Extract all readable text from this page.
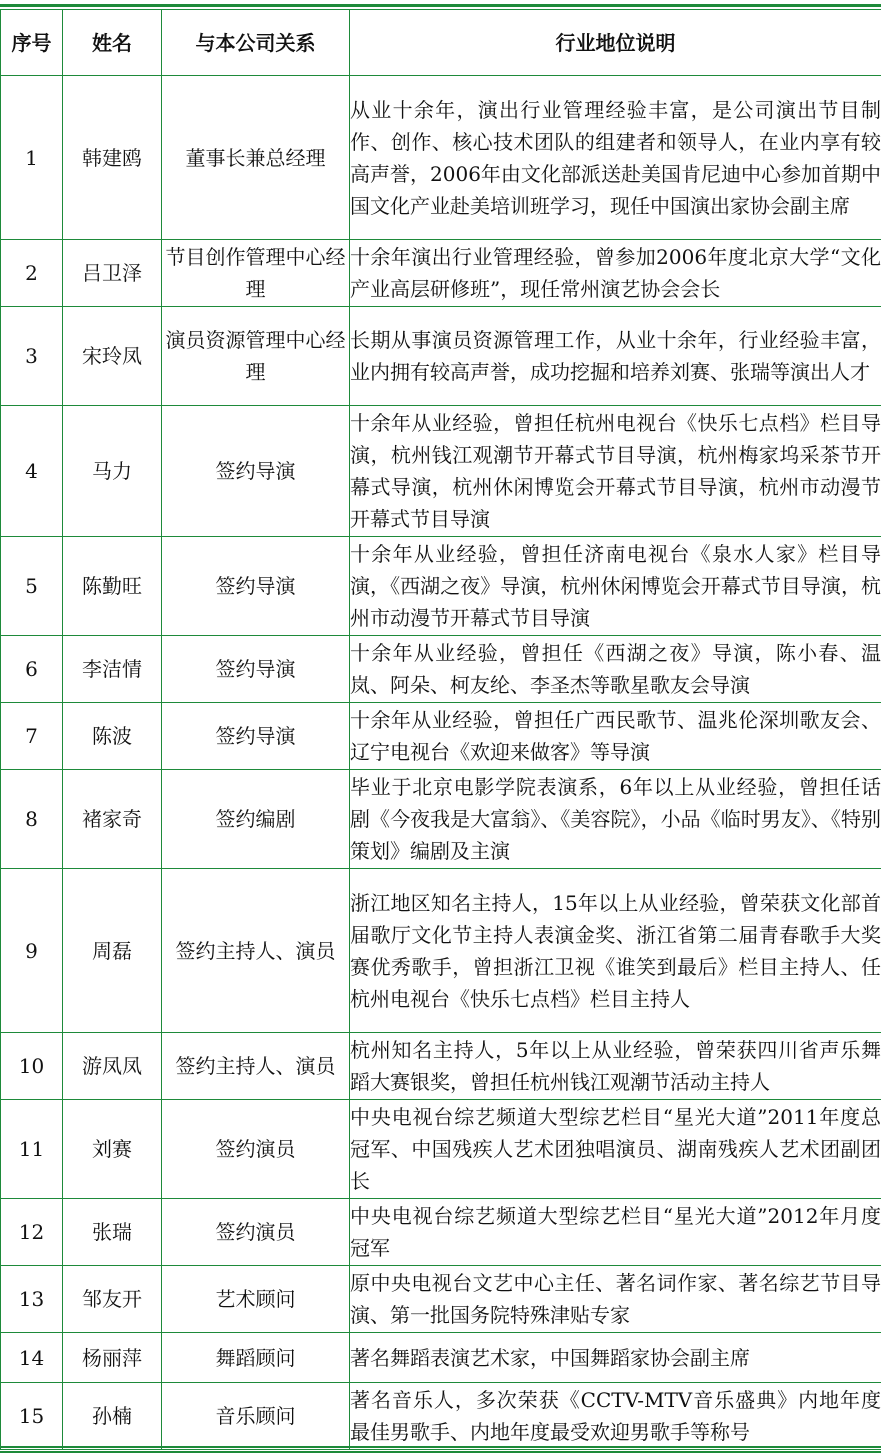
序号	姓名	与本公司关系	行业地位说明
1	韩建鸥	董事长兼总经理	从业十余年，演出行业管理经验丰富，是公司演出节目制作、创作、核心技术团队的组建者和领导人，在业内享有较高声誉，2006年由文化部派送赴美国肯尼迪中心参加首期中国文化产业赴美培训班学习，现任中国演出家协会副主席
2	吕卫泽	节目创作管理中心经理	十余年演出行业管理经验，曾参加2006年度北京大学“文化产业高层研修班”，现任常州演艺协会会长
3	宋玲凤	演员资源管理中心经理	长期从事演员资源管理工作，从业十余年，行业经验丰富，业内拥有较高声誉，成功挖掘和培养刘赛、张瑞等演出人才
4	马力	签约导演	十余年从业经验，曾担任杭州电视台《快乐七点档》栏目导演，杭州钱江观潮节开幕式节目导演，杭州梅家坞采茶节开幕式导演，杭州休闲博览会开幕式节目导演，杭州市动漫节开幕式节目导演
5	陈勤旺	签约导演	十余年从业经验，曾担任济南电视台《泉水人家》栏目导演，《西湖之夜》导演，杭州休闲博览会开幕式节目导演，杭州市动漫节开幕式节目导演
6	李洁情	签约导演	十余年从业经验，曾担任《西湖之夜》导演，陈小春、温岚、阿朵、柯友纶、李圣杰等歌星歌友会导演
7	陈波	签约导演	十余年从业经验，曾担任广西民歌节、温兆伦深圳歌友会、辽宁电视台《欢迎来做客》等导演
8	褚家奇	签约编剧	毕业于北京电影学院表演系，6年以上从业经验，曾担任话剧《今夜我是大富翁》、《美容院》，小品《临时男友》、《特别策划》编剧及主演
9	周磊	签约主持人、演员	浙江地区知名主持人，15年以上从业经验，曾荣获文化部首届歌厅文化节主持人表演金奖、浙江省第二届青春歌手大奖赛优秀歌手，曾担浙江卫视《谁笑到最后》栏目主持人、任杭州电视台《快乐七点档》栏目主持人
10	游凤凤	签约主持人、演员	杭州知名主持人，5年以上从业经验，曾荣获四川省声乐舞蹈大赛银奖，曾担任杭州钱江观潮节活动主持人
11	刘赛	签约演员	中央电视台综艺频道大型综艺栏目“星光大道”2011年度总冠军、中国残疾人艺术团独唱演员、湖南残疾人艺术团副团长
12	张瑞	签约演员	中央电视台综艺频道大型综艺栏目“星光大道”2012年月度冠军
13	邹友开	艺术顾问	原中央电视台文艺中心主任、著名词作家、著名综艺节目导演、第一批国务院特殊津贴专家
14	杨丽萍	舞蹈顾问	著名舞蹈表演艺术家，中国舞蹈家协会副主席
15	孙楠	音乐顾问	著名音乐人，多次荣获《CCTV-MTV音乐盛典》内地年度最佳男歌手、内地年度最受欢迎男歌手等称号
